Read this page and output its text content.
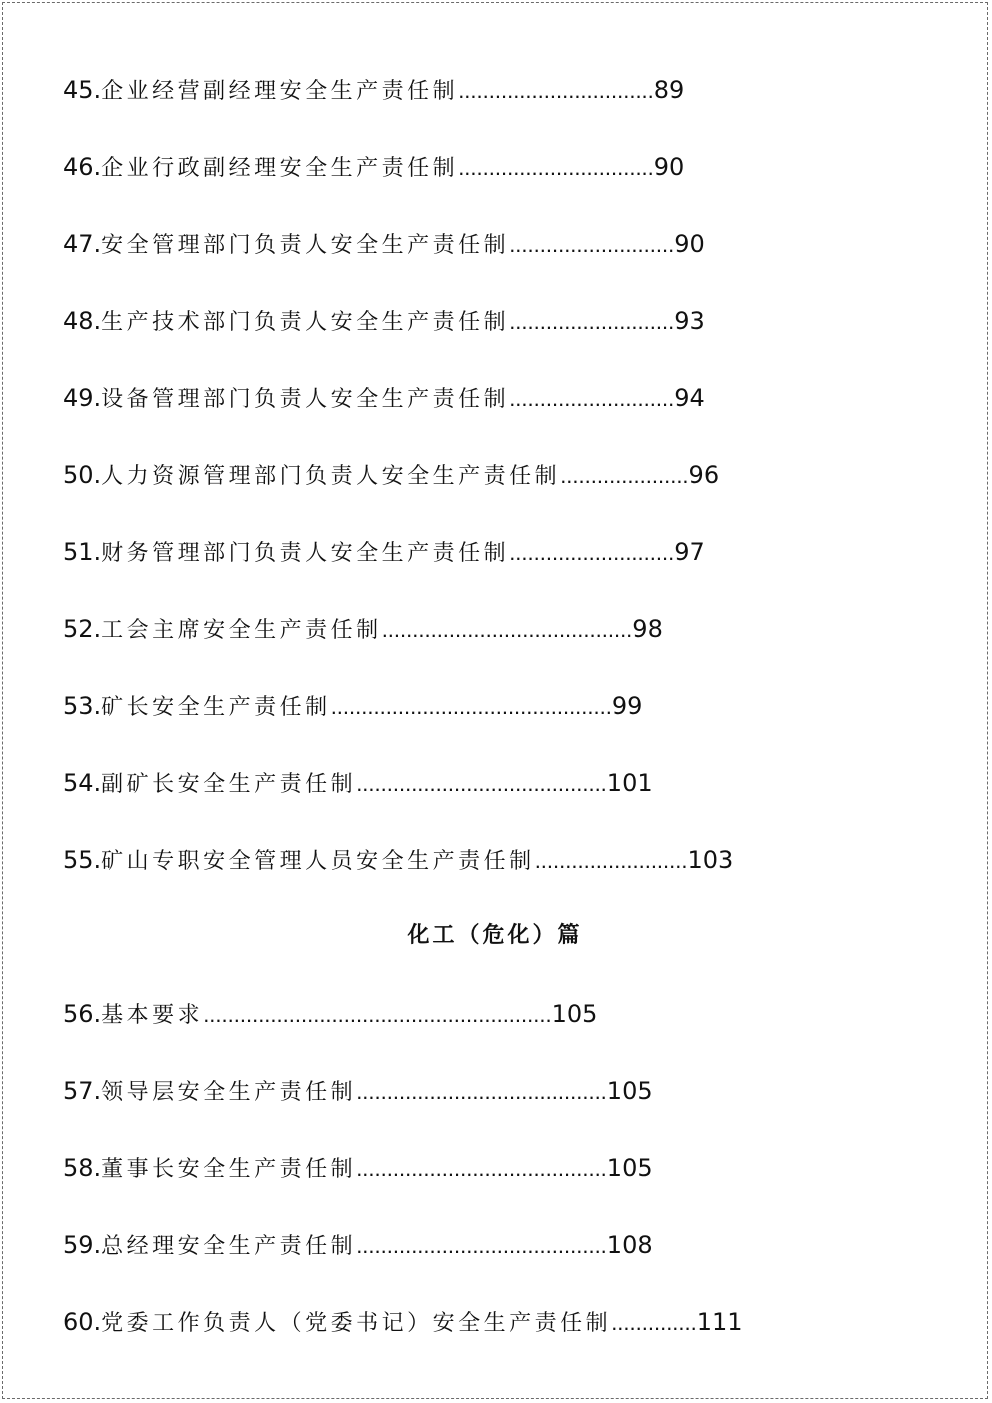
45.企业经营副经理安全生产责任制................................89
46.企业行政副经理安全生产责任制................................90
47.安全管理部门负责人安全生产责任制...........................90
48.生产技术部门负责人安全生产责任制...........................93
49.设备管理部门负责人安全生产责任制...........................94
50.人力资源管理部门负责人安全生产责任制.....................96
51.财务管理部门负责人安全生产责任制...........................97
52.工会主席安全生产责任制.........................................98
53.矿长安全生产责任制..............................................99
54.副矿长安全生产责任制.........................................101
55.矿山专职安全管理人员安全生产责任制.........................103
化工（危化）篇
56.基本要求.........................................................105
57.领导层安全生产责任制.........................................105
58.董事长安全生产责任制.........................................105
59.总经理安全生产责任制.........................................108
60.党委工作负责人（党委书记）安全生产责任制..............111
